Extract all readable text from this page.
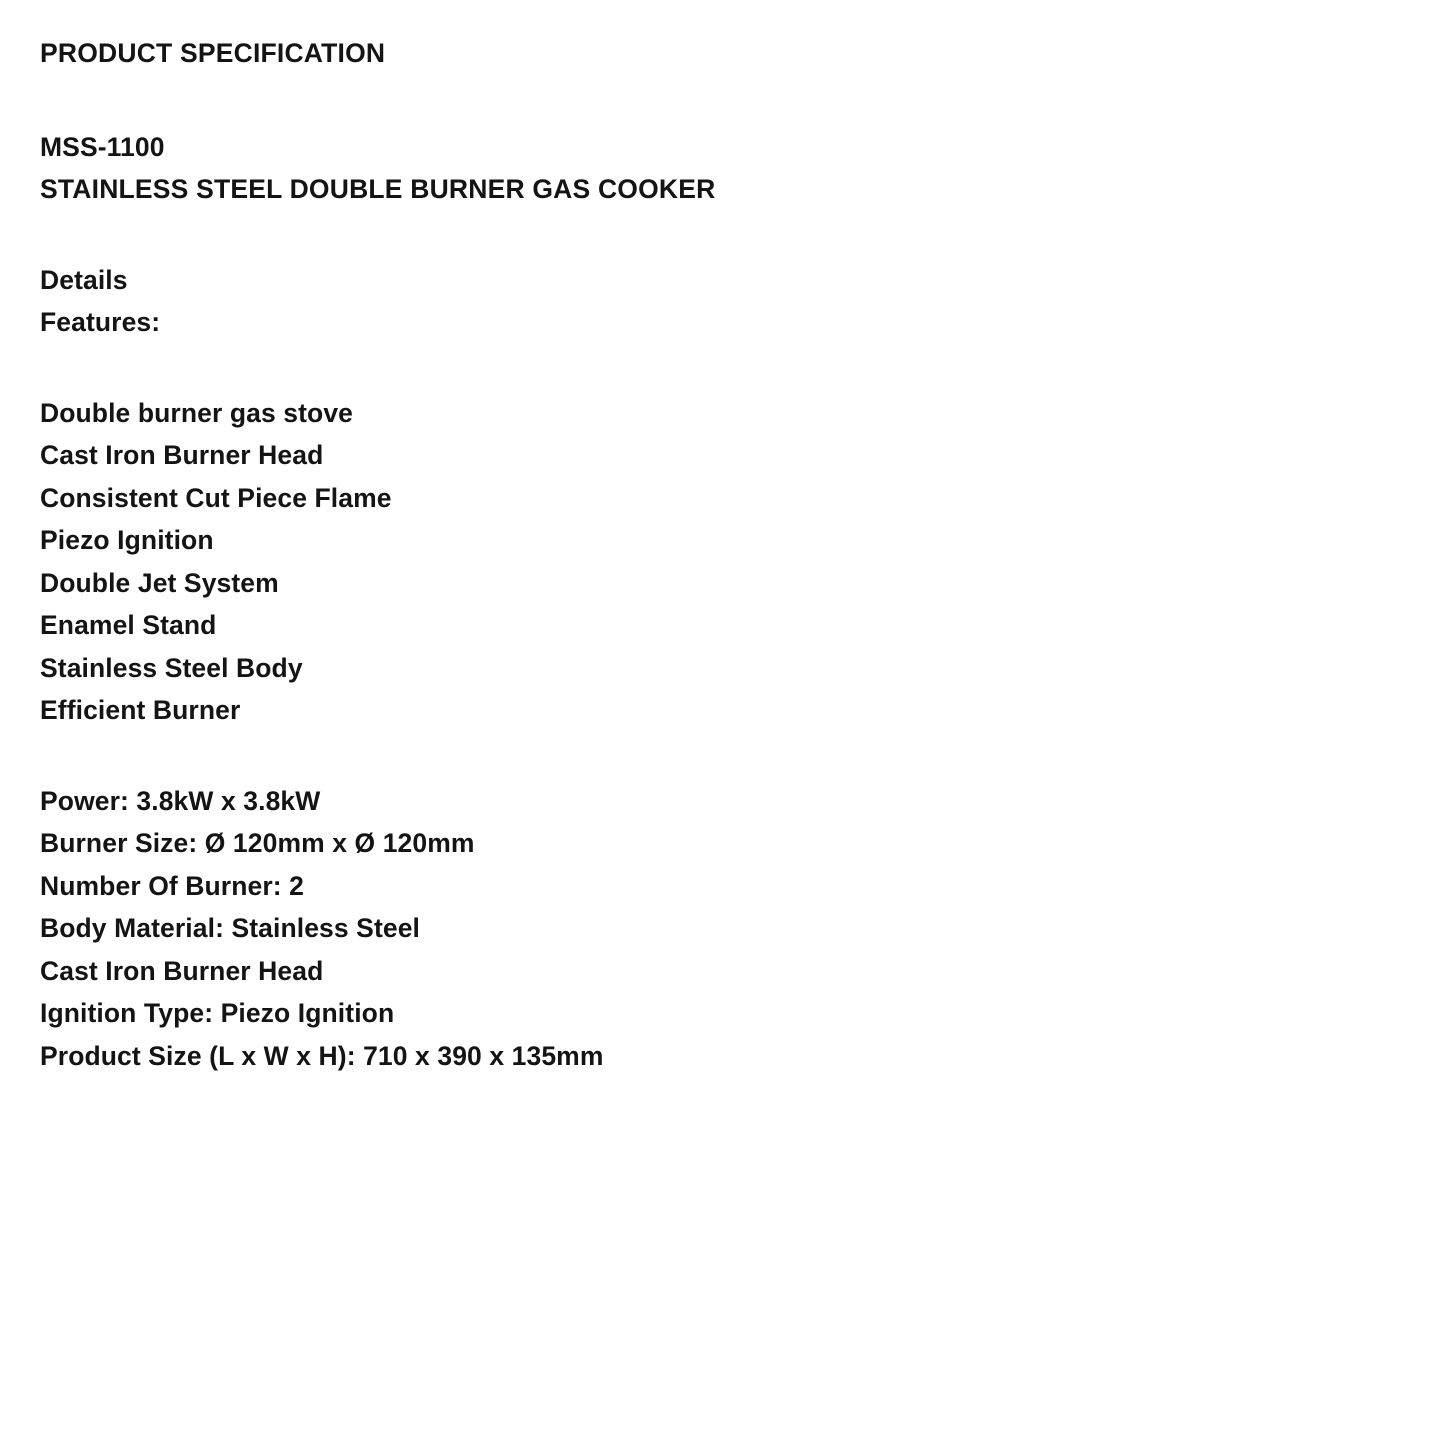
PRODUCT SPECIFICATION
MSS-1100
STAINLESS STEEL DOUBLE BURNER GAS COOKER
Details
Features:
Double burner gas stove
Cast Iron Burner Head
Consistent Cut Piece Flame
Piezo Ignition
Double Jet System
Enamel Stand
Stainless Steel Body
Efficient Burner
Power: 3.8kW x 3.8kW
Burner Size: Ø 120mm x Ø 120mm
Number Of Burner: 2
Body Material: Stainless Steel
Cast Iron Burner Head
Ignition Type: Piezo Ignition
Product Size (L x W x H): 710 x 390 x 135mm
